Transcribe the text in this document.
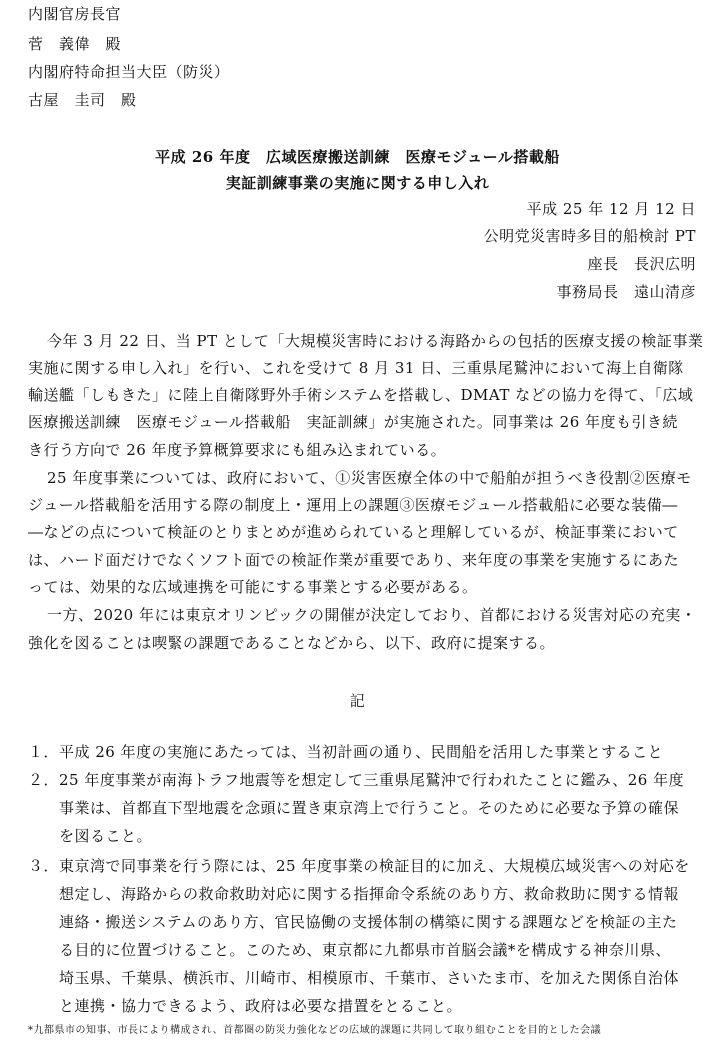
内閣官房長官
菅　義偉　殿
内閣府特命担当大臣（防災）
古屋　圭司　殿
平成 26 年度　広域医療搬送訓練　医療モジュール搭載船
実証訓練事業の実施に関する申し入れ
平成 25 年 12 月 12 日
公明党災害時多目的船検討 PT
座長　長沢広明
事務局長　遠山清彦
今年 3 月 22 日、当 PT として「大規模災害時における海路からの包括的医療支援の検証事業
実施に関する申し入れ」を行い、これを受けて 8 月 31 日、三重県尾鷲沖において海上自衛隊
輸送艦「しもきた」に陸上自衛隊野外手術システムを搭載し、DMAT などの協力を得て、「広域
医療搬送訓練　医療モジュール搭載船　実証訓練」が実施された。同事業は 26 年度も引き続
き行う方向で 26 年度予算概算要求にも組み込まれている。
25 年度事業については、政府において、①災害医療全体の中で船舶が担うべき役割②医療モ
ジュール搭載船を活用する際の制度上・運用上の課題③医療モジュール搭載船に必要な装備―
―などの点について検証のとりまとめが進められていると理解しているが、検証事業において
は、ハード面だけでなくソフト面での検証作業が重要であり、来年度の事業を実施するにあた
っては、効果的な広域連携を可能にする事業とする必要がある。
一方、2020 年には東京オリンピックの開催が決定しており、首都における災害対応の充実・
強化を図ることは喫緊の課題であることなどから、以下、政府に提案する。
記
１． 平成 26 年度の実施にあたっては、当初計画の通り、民間船を活用した事業とすること
２． 25 年度事業が南海トラフ地震等を想定して三重県尾鷲沖で行われたことに鑑み、26 年度
事業は、首都直下型地震を念頭に置き東京湾上で行うこと。そのために必要な予算の確保
を図ること。
３． 東京湾で同事業を行う際には、25 年度事業の検証目的に加え、大規模広域災害への対応を
想定し、海路からの救命救助対応に関する指揮命令系統のあり方、救命救助に関する情報
連絡・搬送システムのあり方、官民協働の支援体制の構築に関する課題などを検証の主た
る目的に位置づけること。このため、東京都に九都県市首脳会議*を構成する神奈川県、
埼玉県、千葉県、横浜市、川崎市、相模原市、千葉市、さいたま市、を加えた関係自治体
と連携・協力できるよう、政府は必要な措置をとること。
*九都県市の知事、市長により構成され、首都圏の防災力強化などの広域的課題に共同して取り組むことを目的とした会議
